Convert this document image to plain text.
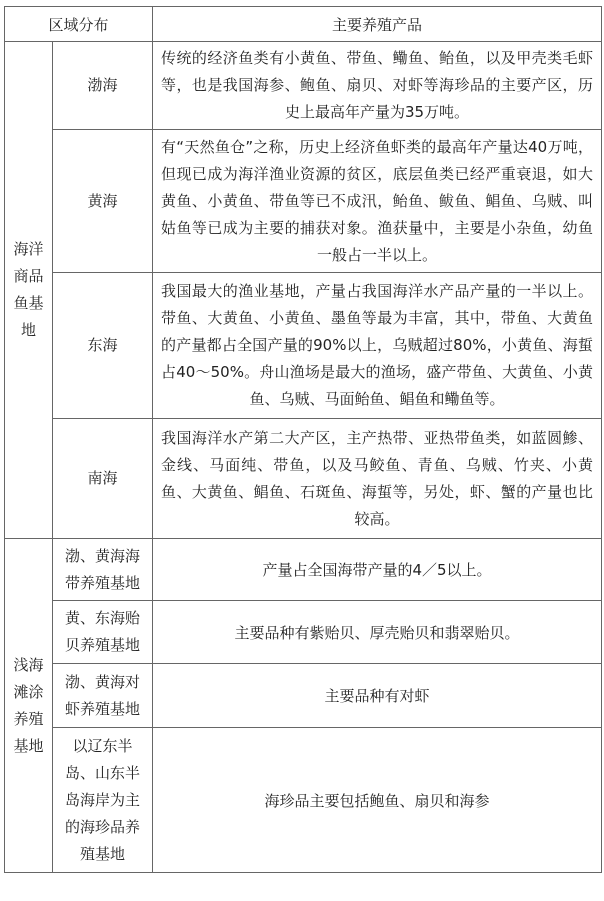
区域分布		主要养殖产品
海洋商品鱼基地	渤海	传统的经济鱼类有小黄鱼、带鱼、鳓鱼、鲐鱼，以及甲壳类毛虾等，也是我国海参、鲍鱼、扇贝、对虾等海珍品的主要产区，历史上最高年产量为35万吨。
	黄海	有“天然鱼仓”之称，历史上经济鱼虾类的最高年产量达40万吨，但现已成为海洋渔业资源的贫区，底层鱼类已经严重衰退，如大黄鱼、小黄鱼、带鱼等已不成汛，鲐鱼、鲅鱼、鲳鱼、乌贼、叫姑鱼等已成为主要的捕获对象。渔获量中，主要是小杂鱼，幼鱼一般占一半以上。
	东海	我国最大的渔业基地，产量占我国海洋水产品产量的一半以上。带鱼、大黄鱼、小黄鱼、墨鱼等最为丰富，其中，带鱼、大黄鱼的产量都占全国产量的90%以上，乌贼超过80%，小黄鱼、海蜇占40～50%。舟山渔场是最大的渔场，盛产带鱼、大黄鱼、小黄鱼、乌贼、马面鲐鱼、鲳鱼和鳓鱼等。
	南海	我国海洋水产第二大产区，主产热带、亚热带鱼类，如蓝圆鯵、金线、马面纯、带鱼，以及马鲛鱼、青鱼、乌贼、竹夹、小黄鱼、大黄鱼、鲳鱼、石斑鱼、海蜇等，另处，虾、蟹的产量也比较高。
浅海滩涂养殖基地	渤、黄海海带养殖基地	产量占全国海带产量的4／5以上。
	黄、东海贻贝养殖基地	主要品种有紫贻贝、厚壳贻贝和翡翠贻贝。
	渤、黄海对虾养殖基地	主要品种有对虾
	以辽东半岛、山东半岛海岸为主的海珍品养殖基地	海珍品主要包括鲍鱼、扇贝和海参
